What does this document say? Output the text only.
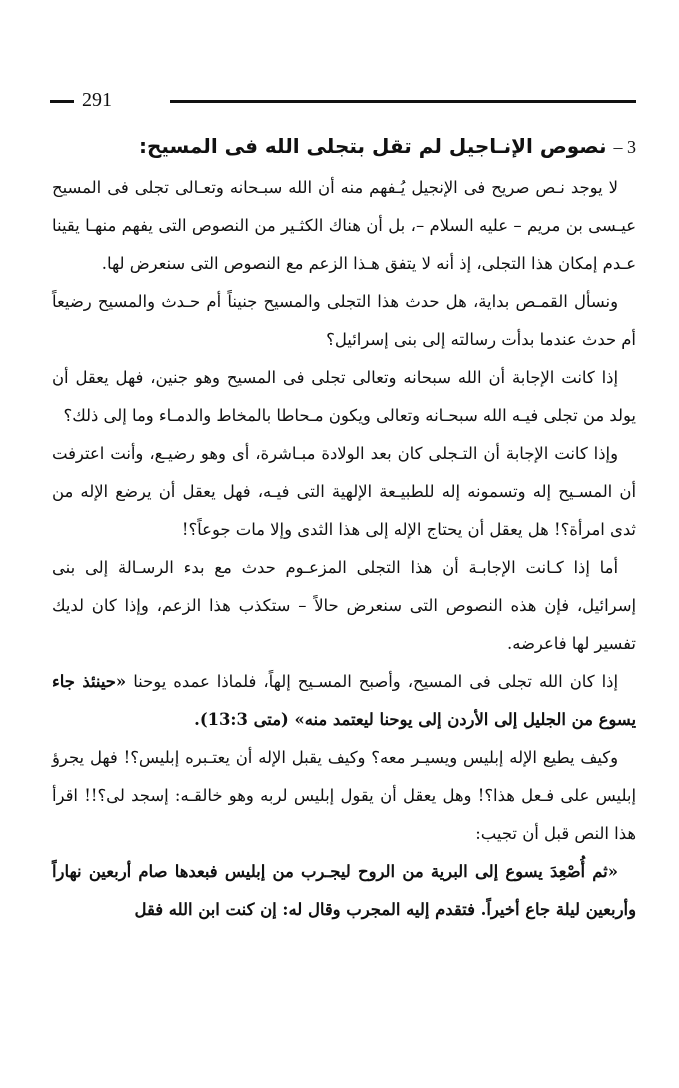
291
3 – نصوص الإنـاجيل لم تقل بتجلى الله فى المسيح:

لا يوجد نـص صريح فى الإنجيل يُـفهم منه أن الله سبـحانه وتعـالى تجلى فى المسيح عيـسى بن مريم – عليه السلام –، بل أن هناك الكثـير من النصوص التى يفهم منهـا يقينا عـدم إمكان هذا التجلى، إذ أنه لا يتفق هـذا الزعم مع النصوص التى سنعرض لها.

ونسأل القمـص بداية، هل حدث هذا التجلى والمسيح جنيناً أم حـدث والمسيح رضيعاً أم حدث عندما بدأت رسالته إلى بنى إسرائيل؟

إذا كانت الإجابة أن الله سبحانه وتعالى تجلى فى المسيح وهو جنين، فهل يعقل أن يولد من تجلى فيـه الله سبحـانه وتعالى ويكون مـحاطا بالمخاط والدمـاء وما إلى ذلك؟

وإذا كانت الإجابة أن التـجلى كان بعد الولادة مبـاشرة، أى وهو رضيـع، وأنت اعترفت أن المسـيح إله وتسمونه إله للطبيـعة الإلهية التى فيـه، فهل يعقل أن يرضع الإله من ثدى امرأة؟! هل يعقل أن يحتاج الإله إلى هذا الثدى وإلا مات جوعاً؟!

أما إذا كـانت الإجابـة أن هذا التجلى المزعـوم حدث مع بدء الرسـالة إلى بنى إسرائيل، فإن هذه النصوص التى سنعرض حالاً – ستكذب هذا الزعم، وإذا كان لديك تفسير لها فاعرضه.

إذا كان الله تجلى فى المسيح، وأصبح المسـيح إلهاً، فلماذا عمده يوحنا «حينئذ جاء يسوع من الجليل إلى الأردن إلى يوحنا ليعتمد منه» (متى 13:3).

وكيف يطيع الإله إبليس ويسيـر معه؟ وكيف يقبل الإله أن يعتـبره إبليس؟! فهل يجرؤ إبليس على فـعل هذا؟! وهل يعقل أن يقول إبليس لربه وهو خالقـه: إسجد لى؟!! اقرأ هذا النص قبل أن تجيب:

«ثم أُصْعِدَ يسوع إلى البرية من الروح ليجـرب من إبليس فبعدها صام أربعين نهاراً وأربعين ليلة جاع أخيراً. فتقدم إليه المجرب وقال له: إن كنت ابن الله فقل
